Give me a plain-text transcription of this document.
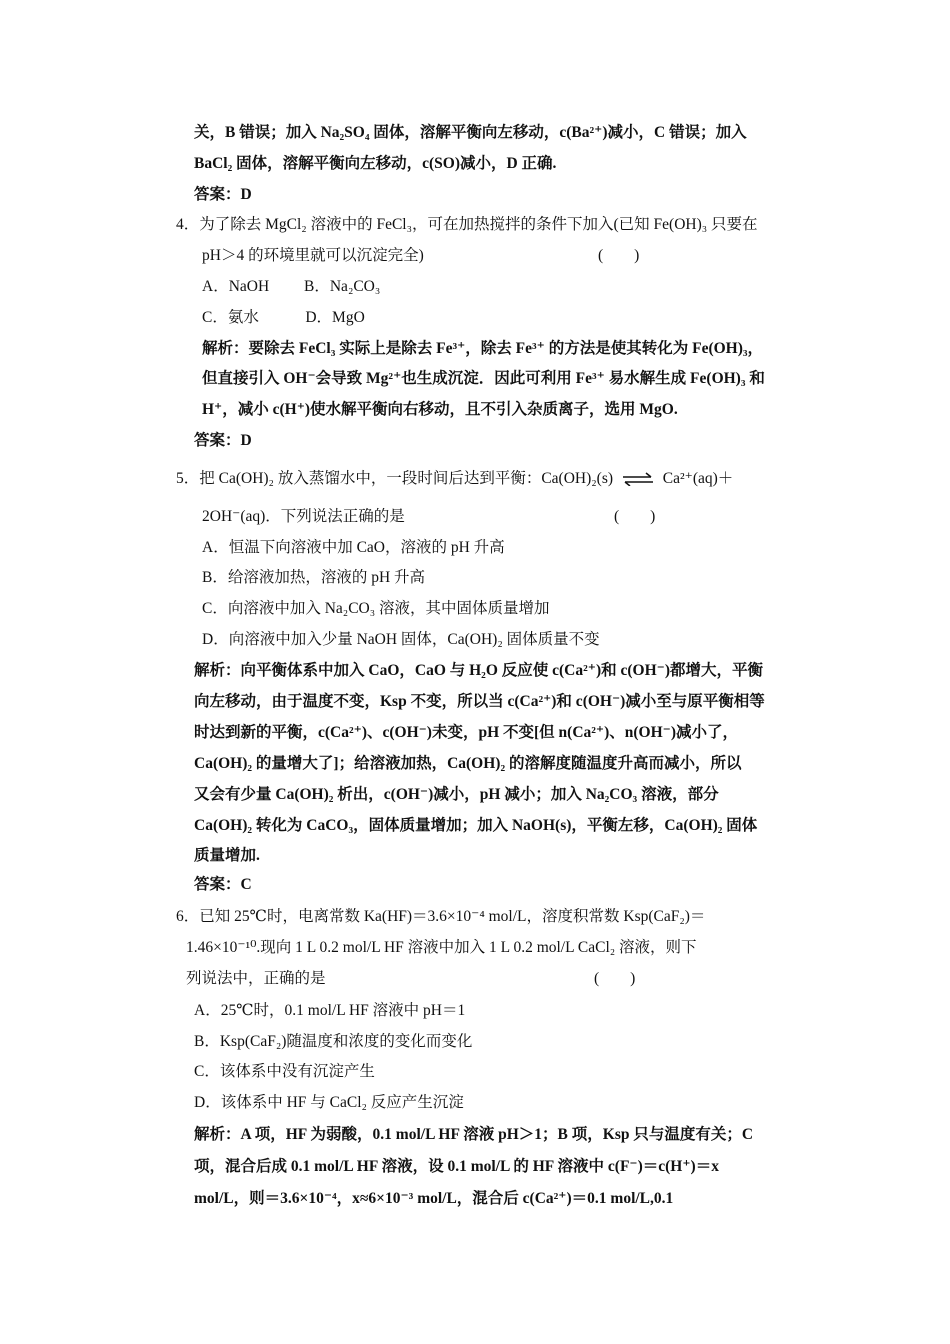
关，B 错误；加入 Na₂SO₄ 固体，溶解平衡向左移动，c(Ba²⁺)减小，C 错误；加入
BaCl₂ 固体，溶解平衡向左移动，c(SO)减小，D 正确.
答案：D
4．为了除去 MgCl₂ 溶液中的 FeCl₃，可在加热搅拌的条件下加入(已知 Fe(OH)₃ 只要在
pH＞4 的环境里就可以沉淀完全)	(　　)
A．NaOH　　 B．Na₂CO₃
C．氨水　　　D．MgO
解析：要除去 FeCl₃ 实际上是除去 Fe³⁺，除去 Fe³⁺ 的方法是使其转化为 Fe(OH)₃，
但直接引入 OH⁻会导致 Mg²⁺也生成沉淀．因此可利用 Fe³⁺ 易水解生成 Fe(OH)₃ 和
H⁺，减小 c(H⁺)使水解平衡向右移动，且不引入杂质离子，选用 MgO.
答案：D
5．把 Ca(OH)₂ 放入蒸馏水中，一段时间后达到平衡：Ca(OH)₂(s) ⇌ Ca²⁺(aq)＋
2OH⁻(aq)．下列说法正确的是	(　　)
A．恒温下向溶液中加 CaO，溶液的 pH 升高
B．给溶液加热，溶液的 pH 升高
C．向溶液中加入 Na₂CO₃ 溶液，其中固体质量增加
D．向溶液中加入少量 NaOH 固体，Ca(OH)₂ 固体质量不变
解析：向平衡体系中加入 CaO，CaO 与 H₂O 反应使 c(Ca²⁺)和 c(OH⁻)都增大，平衡
向左移动，由于温度不变，Ksp 不变，所以当 c(Ca²⁺)和 c(OH⁻)减小至与原平衡相等
时达到新的平衡，c(Ca²⁺)、c(OH⁻)未变，pH 不变[但 n(Ca²⁺)、n(OH⁻)减小了，
Ca(OH)₂ 的量增大了]；给溶液加热，Ca(OH)₂ 的溶解度随温度升高而减小，所以
又会有少量 Ca(OH)₂ 析出，c(OH⁻)减小，pH 减小；加入 Na₂CO₃ 溶液，部分
Ca(OH)₂ 转化为 CaCO₃，固体质量增加；加入 NaOH(s)，平衡左移，Ca(OH)₂ 固体
质量增加.
答案：C
6．已知 25℃时，电离常数 Ka(HF)＝3.6×10⁻⁴ mol/L，溶度积常数 Ksp(CaF₂)＝
1.46×10⁻¹⁰.现向 1 L 0.2 mol/L HF 溶液中加入 1 L 0.2 mol/L CaCl₂ 溶液，则下
列说法中，正确的是	(　　)
A．25℃时，0.1 mol/L HF 溶液中 pH＝1
B．Ksp(CaF₂)随温度和浓度的变化而变化
C．该体系中没有沉淀产生
D．该体系中 HF 与 CaCl₂ 反应产生沉淀
解析：A 项，HF 为弱酸，0.1 mol/L HF 溶液 pH＞1；B 项，Ksp 只与温度有关；C
项，混合后成 0.1 mol/L HF 溶液，设 0.1 mol/L 的 HF 溶液中 c(F⁻)＝c(H⁺)＝x
mol/L，则＝3.6×10⁻⁴，x≈6×10⁻³ mol/L，混合后 c(Ca²⁺)＝0.1 mol/L,0.1
